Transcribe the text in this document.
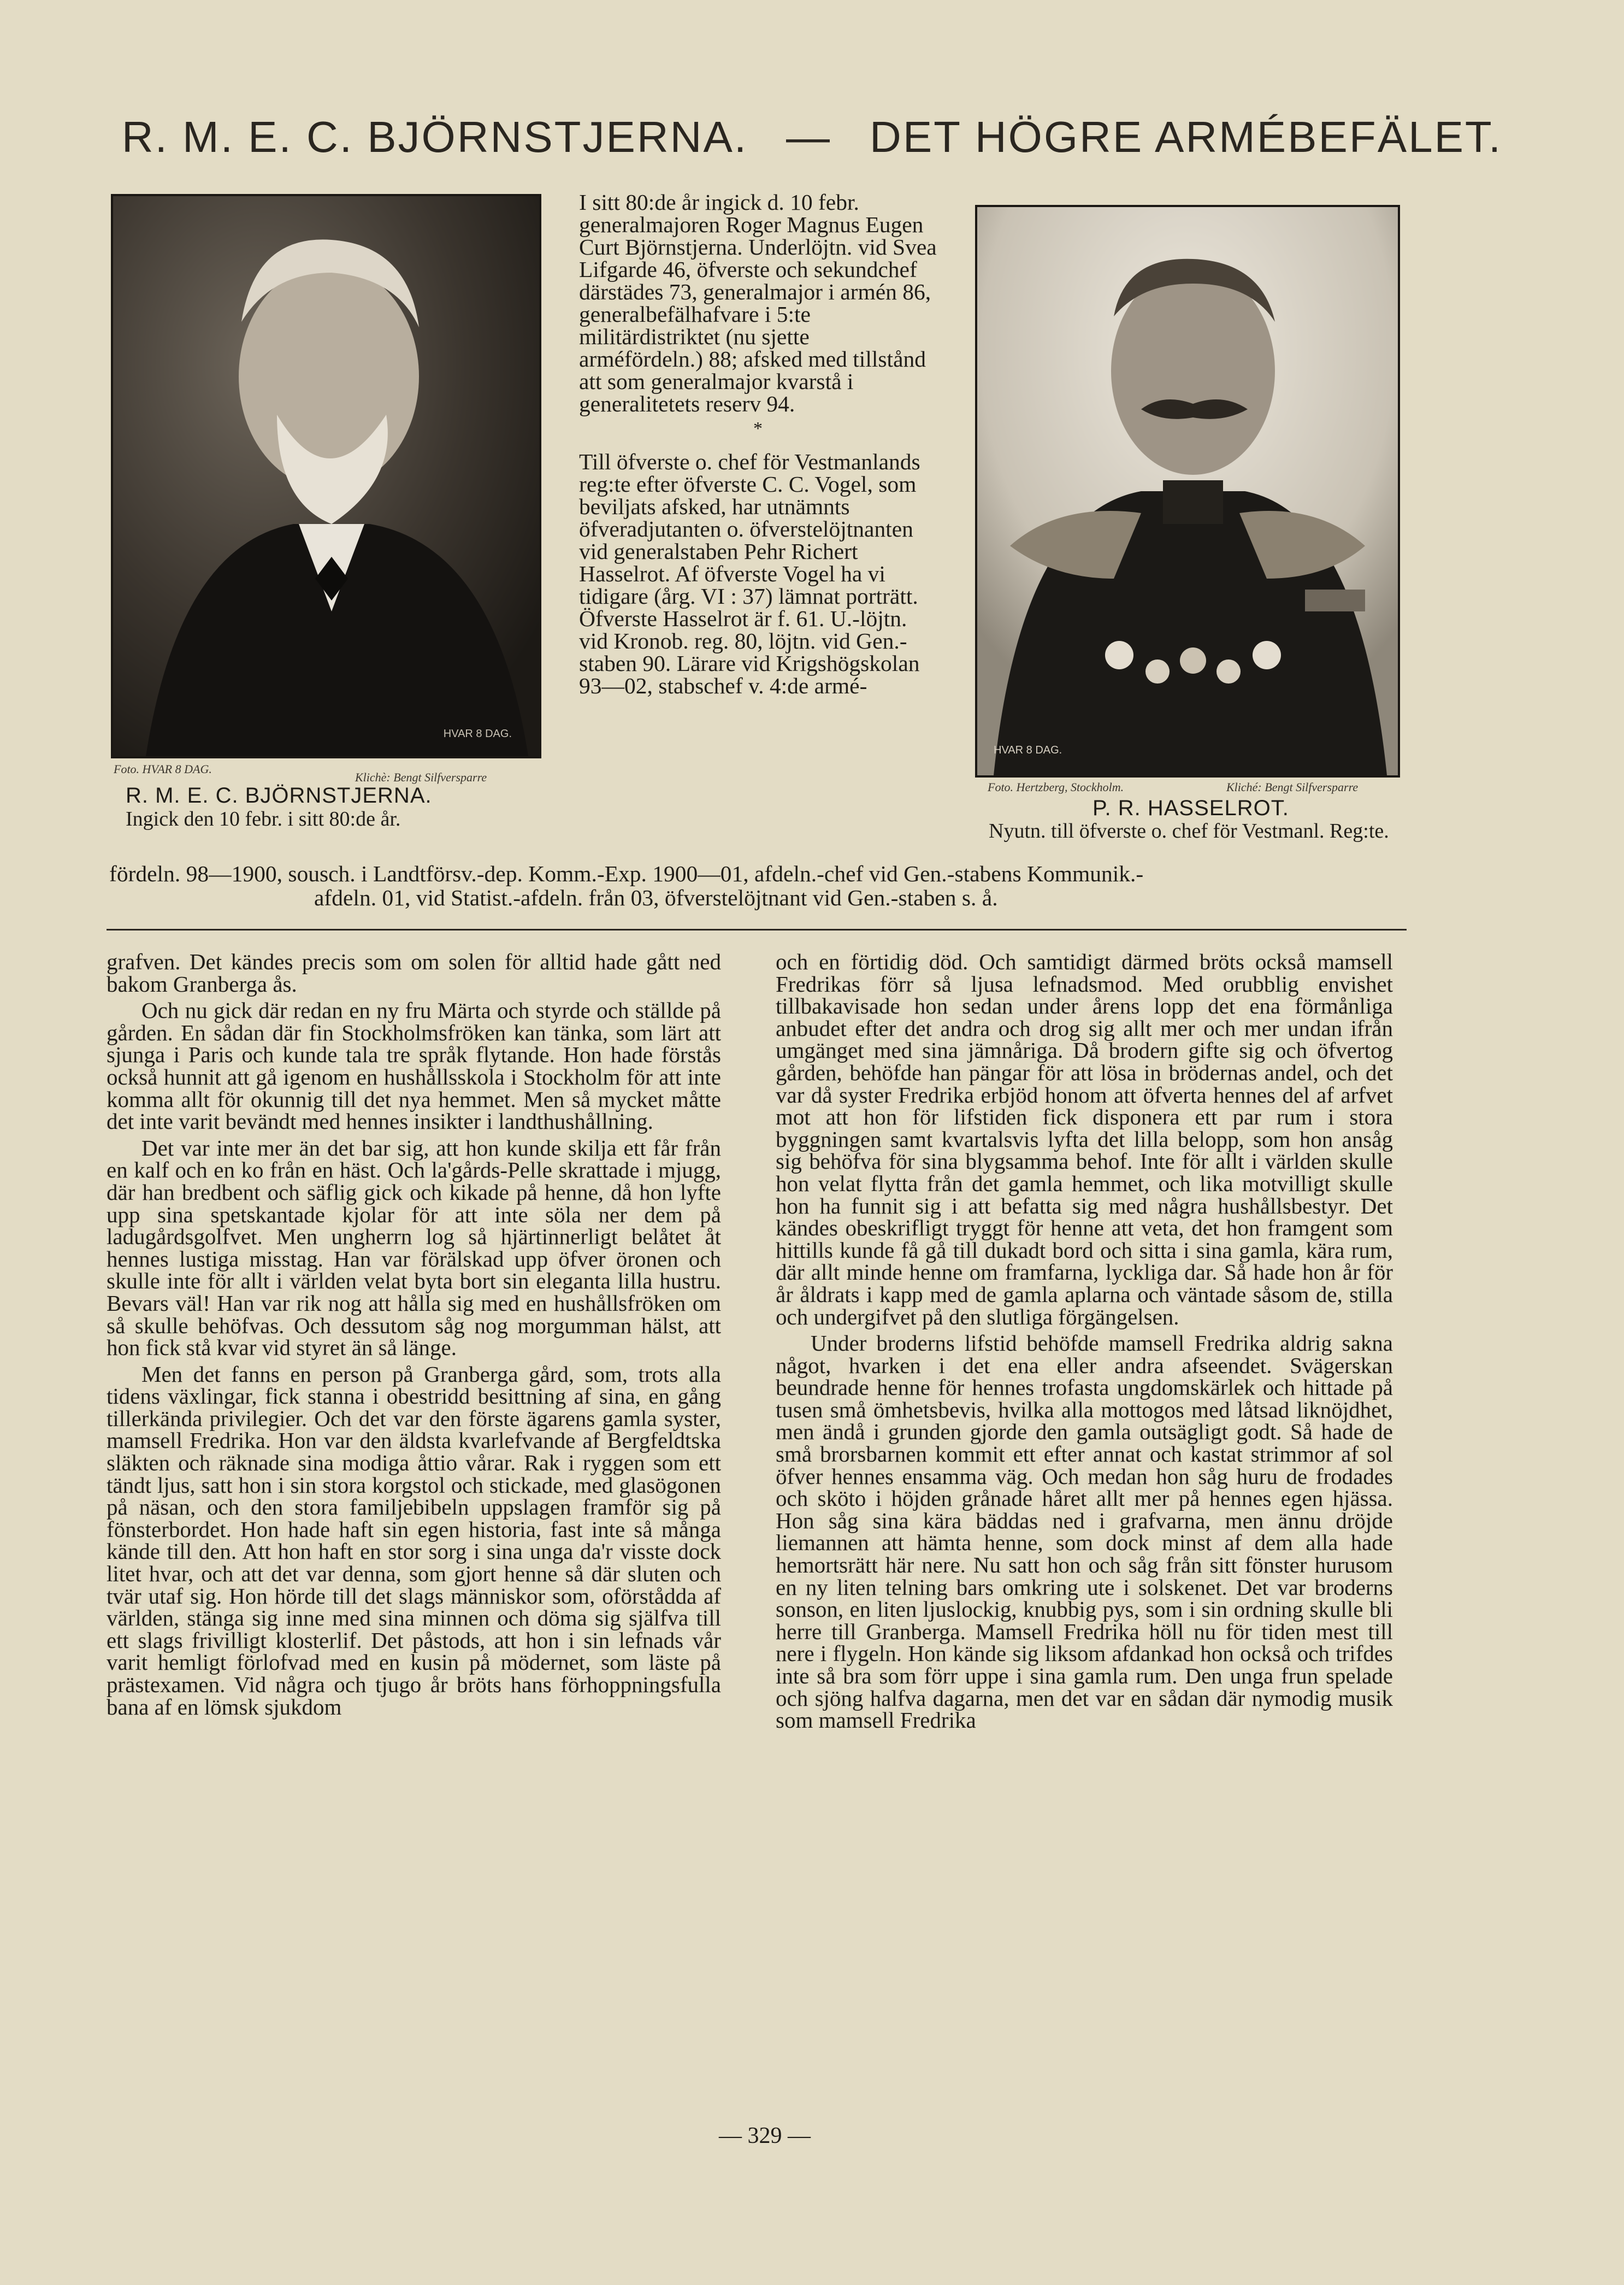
R. M. E. C. BJÖRNSTJERNA. — DET HÖGRE ARMÉBEFÄLET.
HVAR 8 DAG.
Foto. HVAR 8 DAG.
Klichè: Bengt Silfversparre
R. M. E. C. BJÖRNSTJERNA.
Ingick den 10 febr. i sitt 80:de år.
HVAR 8 DAG.
Foto. Hertzberg, Stockholm.	Kliché: Bengt Silfversparre
P. R. HASSELROT.
Nyutn. till öfverste o. chef för Vestmanl. Reg:te.

I sitt 80:de år ingick d. 10 febr. generalmajoren Roger Magnus Eugen Curt Björnstjerna. Underlöjtn. vid Svea Lifgarde 46, öfverste och sekundchef därstädes 73, generalmajor i armén 86, generalbefälhafvare i 5:te militärdistriktet (nu sjette arméfördeln.) 88; afsked med tillstånd att som generalmajor kvarstå i generalitetets reserv 94.

*

Till öfverste o. chef för Vestmanlands reg:te efter öfverste C. C. Vogel, som beviljats afsked, har utnämnts öfveradjutanten o. öfverstelöjtnanten vid generalstaben Pehr Richert Hasselrot. Af öfverste Vogel ha vi tidigare (årg. VI : 37) lämnat porträtt. Öfverste Hasselrot är f. 61. U.-löjtn. vid Kronob. reg. 80, löjtn. vid Gen.-staben 90. Lärare vid Krigshögskolan 93—02, stabschef v. 4:de armé-

fördeln. 98—1900, sousch. i Landtförsv.-dep. Komm.-Exp. 1900—01, afdeln.-chef vid Gen.-stabens Kommunik.-
afdeln. 01, vid Statist.-afdeln. från 03, öfverstelöjtnant vid Gen.-staben s. å.

grafven. Det kändes precis som om solen för alltid hade gått ned bakom Granberga ås.

Och nu gick där redan en ny fru Märta och styrde och ställde på gården. En sådan där fin Stockholmsfröken kan tänka, som lärt att sjunga i Paris och kunde tala tre språk flytande. Hon hade förstås också hunnit att gå igenom en hushållsskola i Stockholm för att inte komma allt för okunnig till det nya hemmet. Men så mycket måtte det inte varit bevändt med hennes insikter i landthushållning.

Det var inte mer än det bar sig, att hon kunde skilja ett får från en kalf och en ko från en häst. Och la'gårds-Pelle skrattade i mjugg, där han bredbent och säflig gick och kikade på henne, då hon lyfte upp sina spetskantade kjolar för att inte söla ner dem på ladugårdsgolfvet. Men ungherrn log så hjärtinnerligt belåtet åt hennes lustiga misstag. Han var förälskad upp öfver öronen och skulle inte för allt i världen velat byta bort sin eleganta lilla hustru. Bevars väl! Han var rik nog att hålla sig med en hushållsfröken om så skulle behöfvas. Och dessutom såg nog morgumman hälst, att hon fick stå kvar vid styret än så länge.

Men det fanns en person på Granberga gård, som, trots alla tidens växlingar, fick stanna i obestridd besittning af sina, en gång tillerkända privilegier. Och det var den förste ägarens gamla syster, mamsell Fredrika. Hon var den äldsta kvarlefvande af Bergfeldtska släkten och räknade sina modiga åttio vårar. Rak i ryggen som ett tändt ljus, satt hon i sin stora korgstol och stickade, med glasögonen på näsan, och den stora familjebibeln uppslagen framför sig på fönsterbordet. Hon hade haft sin egen historia, fast inte så många kände till den. Att hon haft en stor sorg i sina unga da'r visste dock litet hvar, och att det var denna, som gjort henne så där sluten och tvär utaf sig. Hon hörde till det slags människor som, oförstådda af världen, stänga sig inne med sina minnen och döma sig själfva till ett slags frivilligt klosterlif. Det påstods, att hon i sin lefnads vår varit hemligt förlofvad med en kusin på mödernet, som läste på prästexamen. Vid några och tjugo år bröts hans förhoppningsfulla bana af en lömsk sjukdom

och en förtidig död. Och samtidigt därmed bröts också mamsell Fredrikas förr så ljusa lefnadsmod. Med orubblig envishet tillbakavisade hon sedan under årens lopp det ena förmånliga anbudet efter det andra och drog sig allt mer och mer undan ifrån umgänget med sina jämnåriga. Då brodern gifte sig och öfvertog gården, behöfde han pängar för att lösa in brödernas andel, och det var då syster Fredrika erbjöd honom att öfverta hennes del af arfvet mot att hon för lifstiden fick disponera ett par rum i stora byggningen samt kvartalsvis lyfta det lilla belopp, som hon ansåg sig behöfva för sina blygsamma behof. Inte för allt i världen skulle hon velat flytta från det gamla hemmet, och lika motvilligt skulle hon ha funnit sig i att befatta sig med några hushållsbestyr. Det kändes obeskrifligt tryggt för henne att veta, det hon framgent som hittills kunde få gå till dukadt bord och sitta i sina gamla, kära rum, där allt minde henne om framfarna, lyckliga dar. Så hade hon år för år åldrats i kapp med de gamla aplarna och väntade såsom de, stilla och undergifvet på den slutliga förgängelsen.

Under broderns lifstid behöfde mamsell Fredrika aldrig sakna något, hvarken i det ena eller andra afseendet. Svägerskan beundrade henne för hennes trofasta ungdomskärlek och hittade på tusen små ömhetsbevis, hvilka alla mottogos med låtsad liknöjdhet, men ändå i grunden gjorde den gamla outsägligt godt. Så hade de små brorsbarnen kommit ett efter annat och kastat strimmor af sol öfver hennes ensamma väg. Och medan hon såg huru de frodades och sköto i höjden grånade håret allt mer på hennes egen hjässa. Hon såg sina kära bäddas ned i grafvarna, men ännu dröjde liemannen att hämta henne, som dock minst af dem alla hade hemortsrätt här nere. Nu satt hon och såg från sitt fönster hurusom en ny liten telning bars omkring ute i solskenet. Det var broderns sonson, en liten ljuslockig, knubbig pys, som i sin ordning skulle bli herre till Granberga. Mamsell Fredrika höll nu för tiden mest till nere i flygeln. Hon kände sig liksom afdankad hon också och trifdes inte så bra som förr uppe i sina gamla rum. Den unga frun spelade och sjöng halfva dagarna, men det var en sådan där nymodig musik som mamsell Fredrika

— 329 —
